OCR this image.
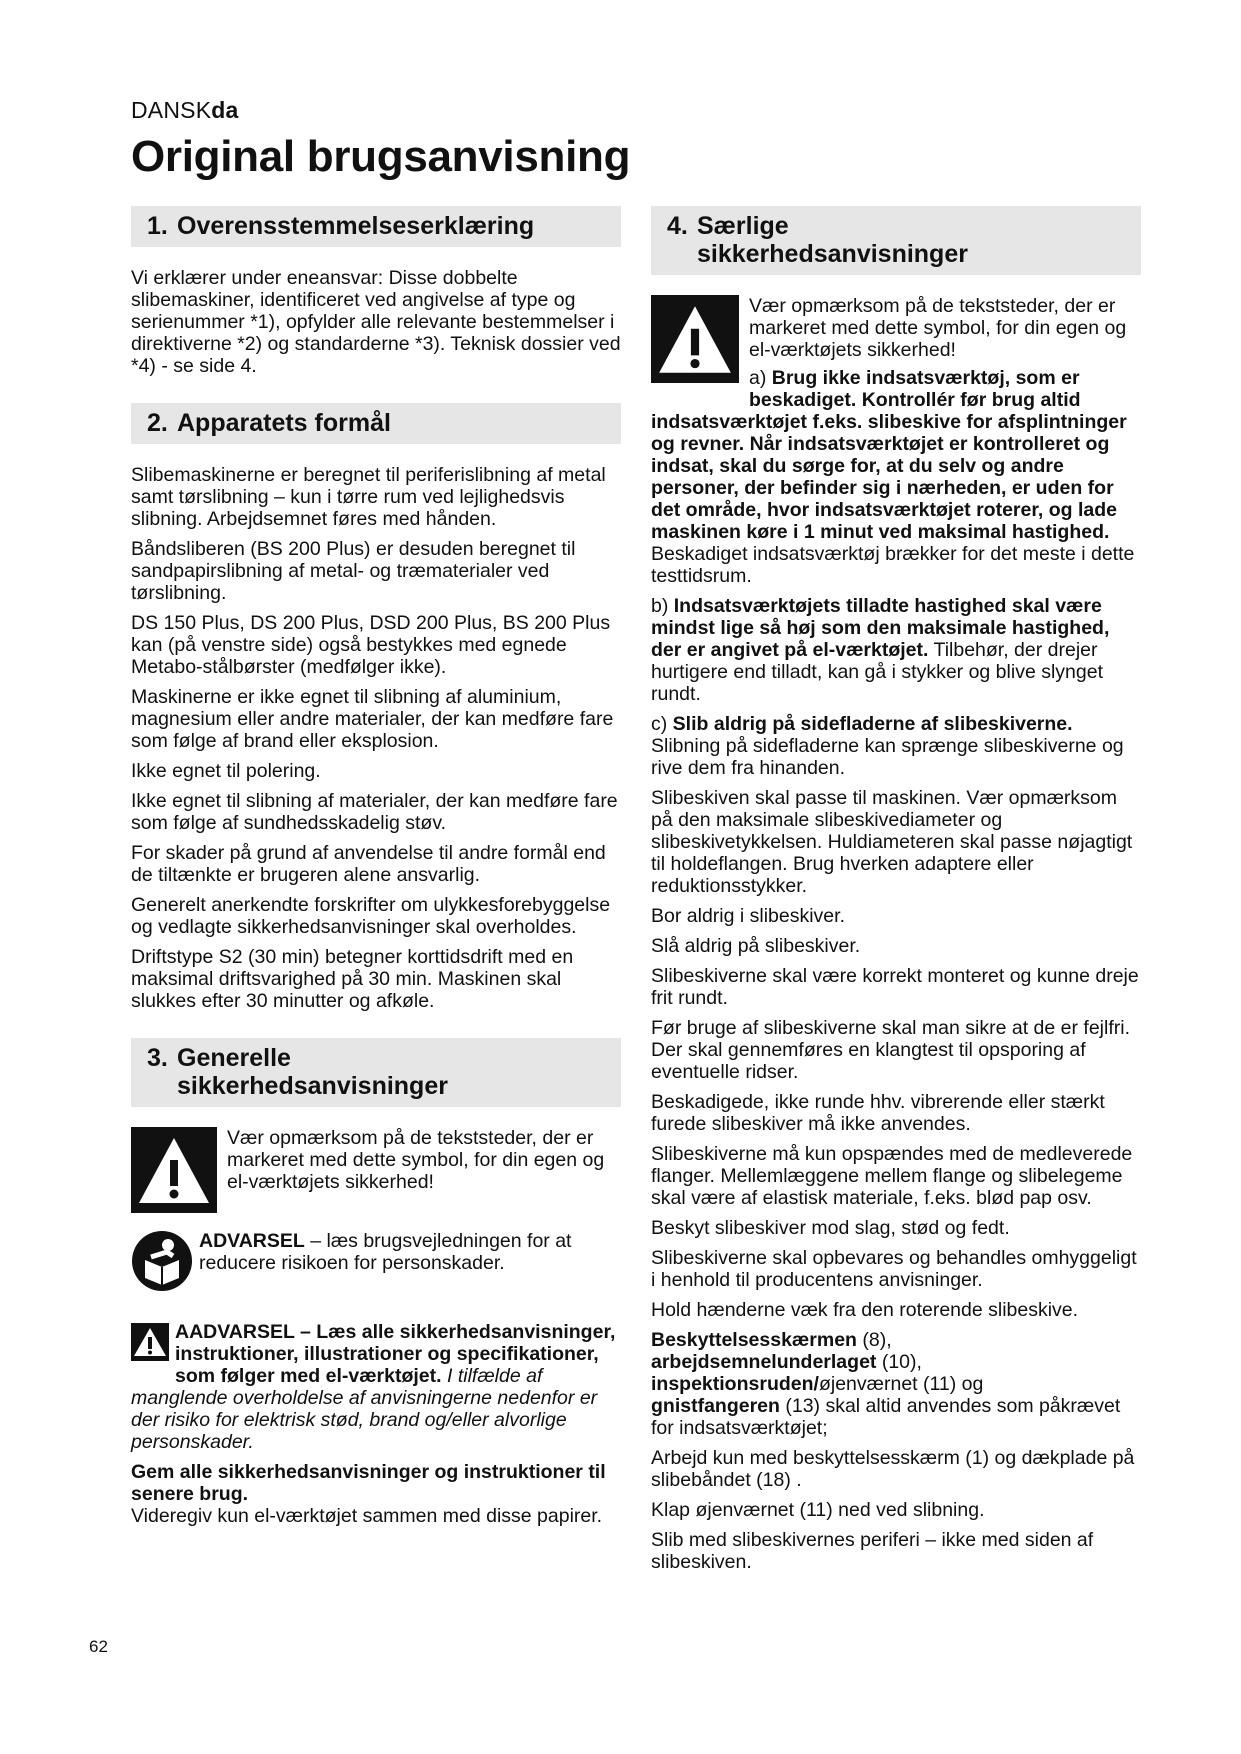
DANSKda
Original brugsanvisning
1. Overensstemmelseserklæring

Vi erklærer under eneansvar: Disse dobbelte slibemaskiner, identificeret ved angivelse af type og serienummer *1), opfylder alle relevante bestemmelser i direktiverne *2) og standarderne *3). Teknisk dossier ved *4) - se side 4.

2. Apparatets formål

Slibemaskinerne er beregnet til periferislibning af metal samt tørslibning – kun i tørre rum ved lejlighedsvis slibning. Arbejdsemnet føres med hånden.

Båndsliberen (BS 200 Plus) er desuden beregnet til sandpapirslibning af metal- og træmaterialer ved tørslibning.

DS 150 Plus, DS 200 Plus, DSD 200 Plus, BS 200 Plus kan (på venstre side) også bestykkes med egnede Metabo-stålbørster (medfølger ikke).

Maskinerne er ikke egnet til slibning af aluminium, magnesium eller andre materialer, der kan medføre fare som følge af brand eller eksplosion.

Ikke egnet til polering.

Ikke egnet til slibning af materialer, der kan medføre fare som følge af sundhedsskadelig støv.

For skader på grund af anvendelse til andre formål end de tiltænkte er brugeren alene ansvarlig.

Generelt anerkendte forskrifter om ulykkesforebyggelse og vedlagte sikkerhedsanvisninger skal overholdes.

Driftstype S2 (30 min) betegner korttidsdrift med en maksimal driftsvarighed på 30 min. Maskinen skal slukkes efter 30 minutter og afkøle.

3. Generelle
sikkerhedsanvisninger
Vær opmærksom på de tekststeder, der er markeret med dette symbol, for din egen og el-værktøjets sikkerhed!
ADVARSEL – læs brugsvejledningen for at reducere risikoen for personskader.
AADVARSEL – Læs alle sikkerhedsanvisninger, instruktioner, illustrationer og specifikationer, som følger med el-værktøjet. I tilfælde af manglende overholdelse af anvisningerne nedenfor er der risiko for elektrisk stød, brand og/eller alvorlige personskader.

Gem alle sikkerhedsanvisninger og instruktioner til senere brug.

Videregiv kun el-værktøjet sammen med disse papirer.

4. Særlige
sikkerhedsanvisninger
Vær opmærksom på de tekststeder, der er markeret med dette symbol, for din egen og el-værktøjets sikkerhed!

a) Brug ikke indsatsværktøj, som er beskadiget. Kontrollér før brug altid indsatsværktøjet f.eks. slibeskive for afsplintninger og revner. Når indsatsværktøjet er kontrolleret og indsat, skal du sørge for, at du selv og andre personer, der befinder sig i nærheden, er uden for det område, hvor indsatsværktøjet roterer, og lade maskinen køre i 1 minut ved maksimal hastighed. Beskadiget indsatsværktøj brækker for det meste i dette testtidsrum.

b) Indsatsværktøjets tilladte hastighed skal være mindst lige så høj som den maksimale hastighed, der er angivet på el-værktøjet. Tilbehør, der drejer hurtigere end tilladt, kan gå i stykker og blive slynget rundt.

c) Slib aldrig på sidefladerne af slibeskiverne. Slibning på sidefladerne kan sprænge slibeskiverne og rive dem fra hinanden.

Slibeskiven skal passe til maskinen. Vær opmærksom på den maksimale slibeskivediameter og slibeskivetykkelsen. Huldiameteren skal passe nøjagtigt til holdeflangen. Brug hverken adaptere eller reduktionsstykker.

Bor aldrig i slibeskiver.

Slå aldrig på slibeskiver.

Slibeskiverne skal være korrekt monteret og kunne dreje frit rundt.

Før bruge af slibeskiverne skal man sikre at de er fejlfri. Der skal gennemføres en klangtest til opsporing af eventuelle ridser.

Beskadigede, ikke runde hhv. vibrerende eller stærkt furede slibeskiver må ikke anvendes.

Slibeskiverne må kun opspændes med de medleverede flanger. Mellemlæggene mellem flange og slibelegeme skal være af elastisk materiale, f.eks. blød pap osv.

Beskyt slibeskiver mod slag, stød og fedt.

Slibeskiverne skal opbevares og behandles omhyggeligt i henhold til producentens anvisninger.

Hold hænderne væk fra den roterende slibeskive.

Beskyttelsesskærmen (8),
arbejdsemnelunderlaget (10),
inspektionsruden/øjenværnet (11) og
gnistfangeren (13) skal altid anvendes som påkrævet for indsatsværktøjet;

Arbejd kun med beskyttelsesskærm (1) og dækplade på slibebåndet (18) .

Klap øjenværnet (11) ned ved slibning.

Slib med slibeskivernes periferi – ikke med siden af slibeskiven.

62
